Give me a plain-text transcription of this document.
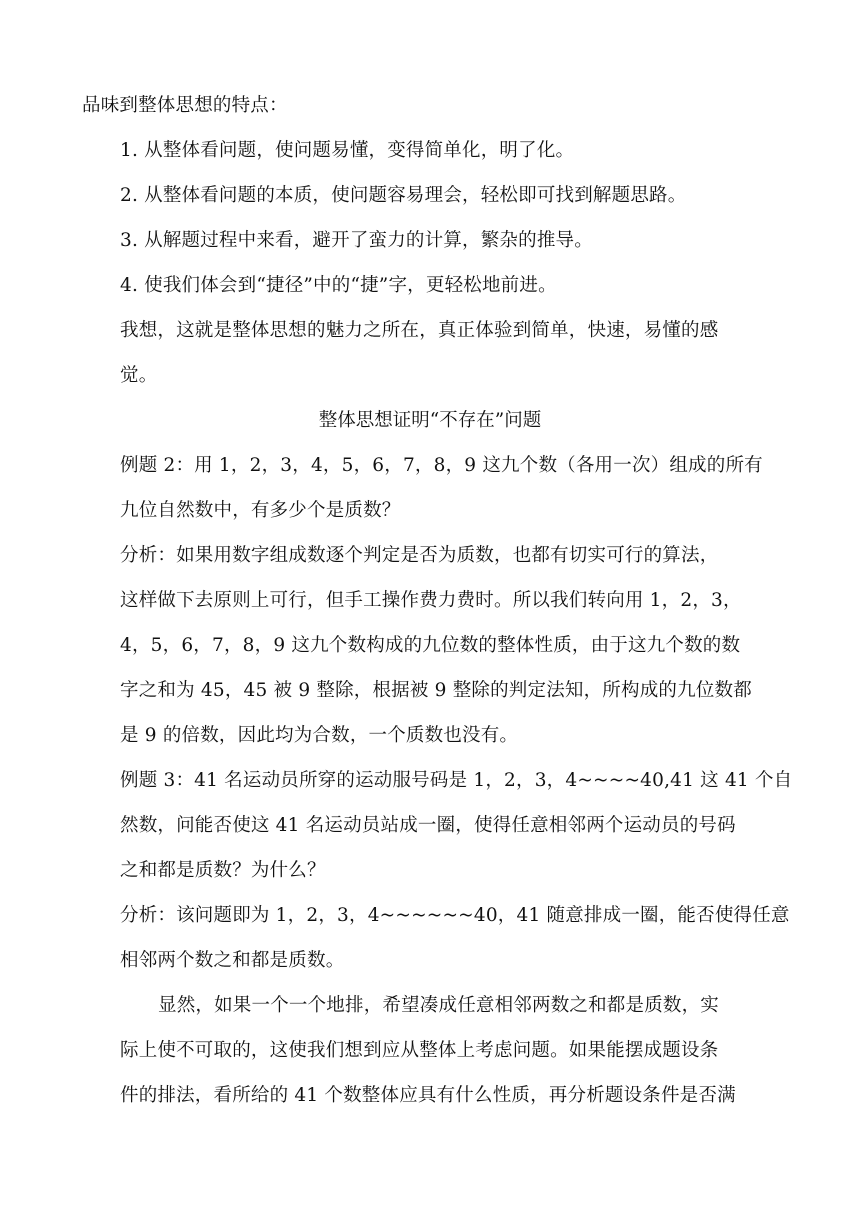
品味到整体思想的特点：
1. 从整体看问题，使问题易懂，变得简单化，明了化。
2. 从整体看问题的本质，使问题容易理会，轻松即可找到解题思路。
3. 从解题过程中来看，避开了蛮力的计算，繁杂的推导。
4. 使我们体会到“捷径”中的“捷”字，更轻松地前进。
我想，这就是整体思想的魅力之所在，真正体验到简单，快速，易懂的感
觉。
整体思想证明“不存在”问题
例题 2：用 1，2，3，4，5，6，7，8，9 这九个数（各用一次）组成的所有
九位自然数中，有多少个是质数？
分析：如果用数字组成数逐个判定是否为质数，也都有切实可行的算法，
这样做下去原则上可行，但手工操作费力费时。所以我们转向用 1，2，3，
4，5，6，7，8，9 这九个数构成的九位数的整体性质，由于这九个数的数
字之和为 45，45 被 9 整除，根据被 9 整除的判定法知，所构成的九位数都
是 9 的倍数，因此均为合数，一个质数也没有。
例题 3：41 名运动员所穿的运动服号码是 1，2，3，4~~~~40,41 这 41 个自
然数，问能否使这 41 名运动员站成一圈，使得任意相邻两个运动员的号码
之和都是质数？为什么？
分析：该问题即为 1，2，3，4~~~~~~40，41 随意排成一圈，能否使得任意
相邻两个数之和都是质数。
显然，如果一个一个地排，希望凑成任意相邻两数之和都是质数，实
际上使不可取的，这使我们想到应从整体上考虑问题。如果能摆成题设条
件的排法，看所给的 41 个数整体应具有什么性质，再分析题设条件是否满
